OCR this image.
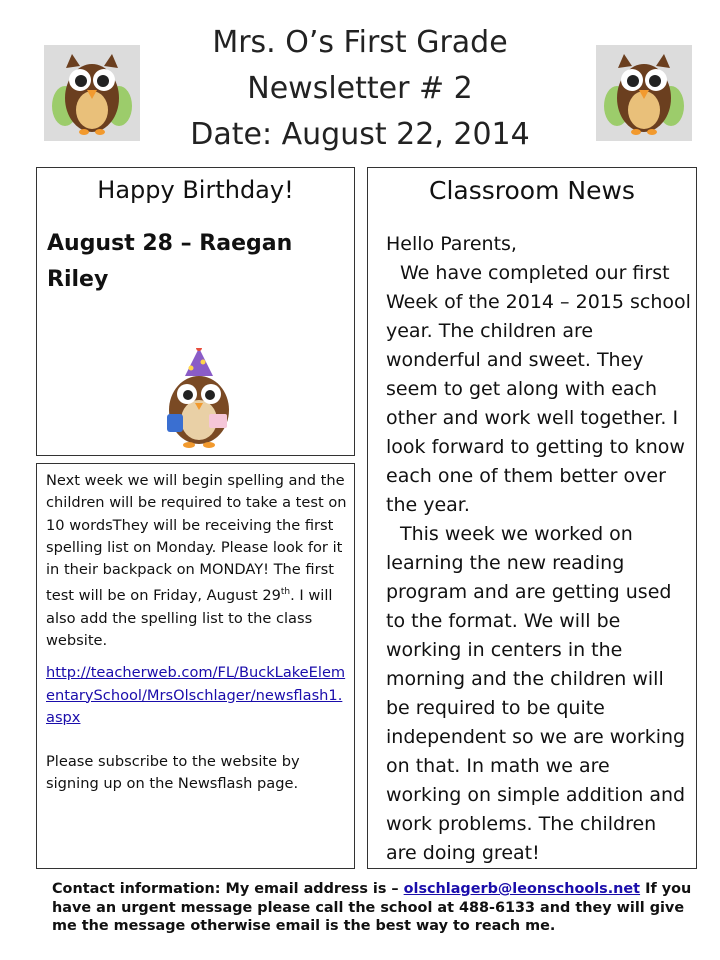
Mrs. O’s First Grade
Newsletter # 2
Date: August 22, 2014
Happy Birthday!
August 28 – Raegan Riley

Next week we will begin spelling and the children will be required to take a test on 10 wordsThey will be receiving the first spelling list on Monday. Please look for it in their backpack on MONDAY! The first test will be on Friday, August 29th. I will also add the spelling list to the class website.

http://teacherweb.com/FL/BuckLakeElementarySchool/MrsOlschlager/newsflash1.aspx

Please subscribe to the website by signing up on the Newsflash page.

Classroom News

Hello Parents,

We have completed our first Week of the 2014 – 2015 school year. The children are wonderful and sweet. They seem to get along with each other and work well together. I look forward to getting to know each one of them better over the year.

This week we worked on learning the new reading program and are getting used to the format. We will be working in centers in the morning and the children will be required to be quite independent so we are working on that. In math we are working on simple addition and work problems. The children are doing great!

Contact information: My email address is – olschlagerb@leonschools.net If you have an urgent message please call the school at 488-6133 and they will give me the message otherwise email is the best way to reach me.
